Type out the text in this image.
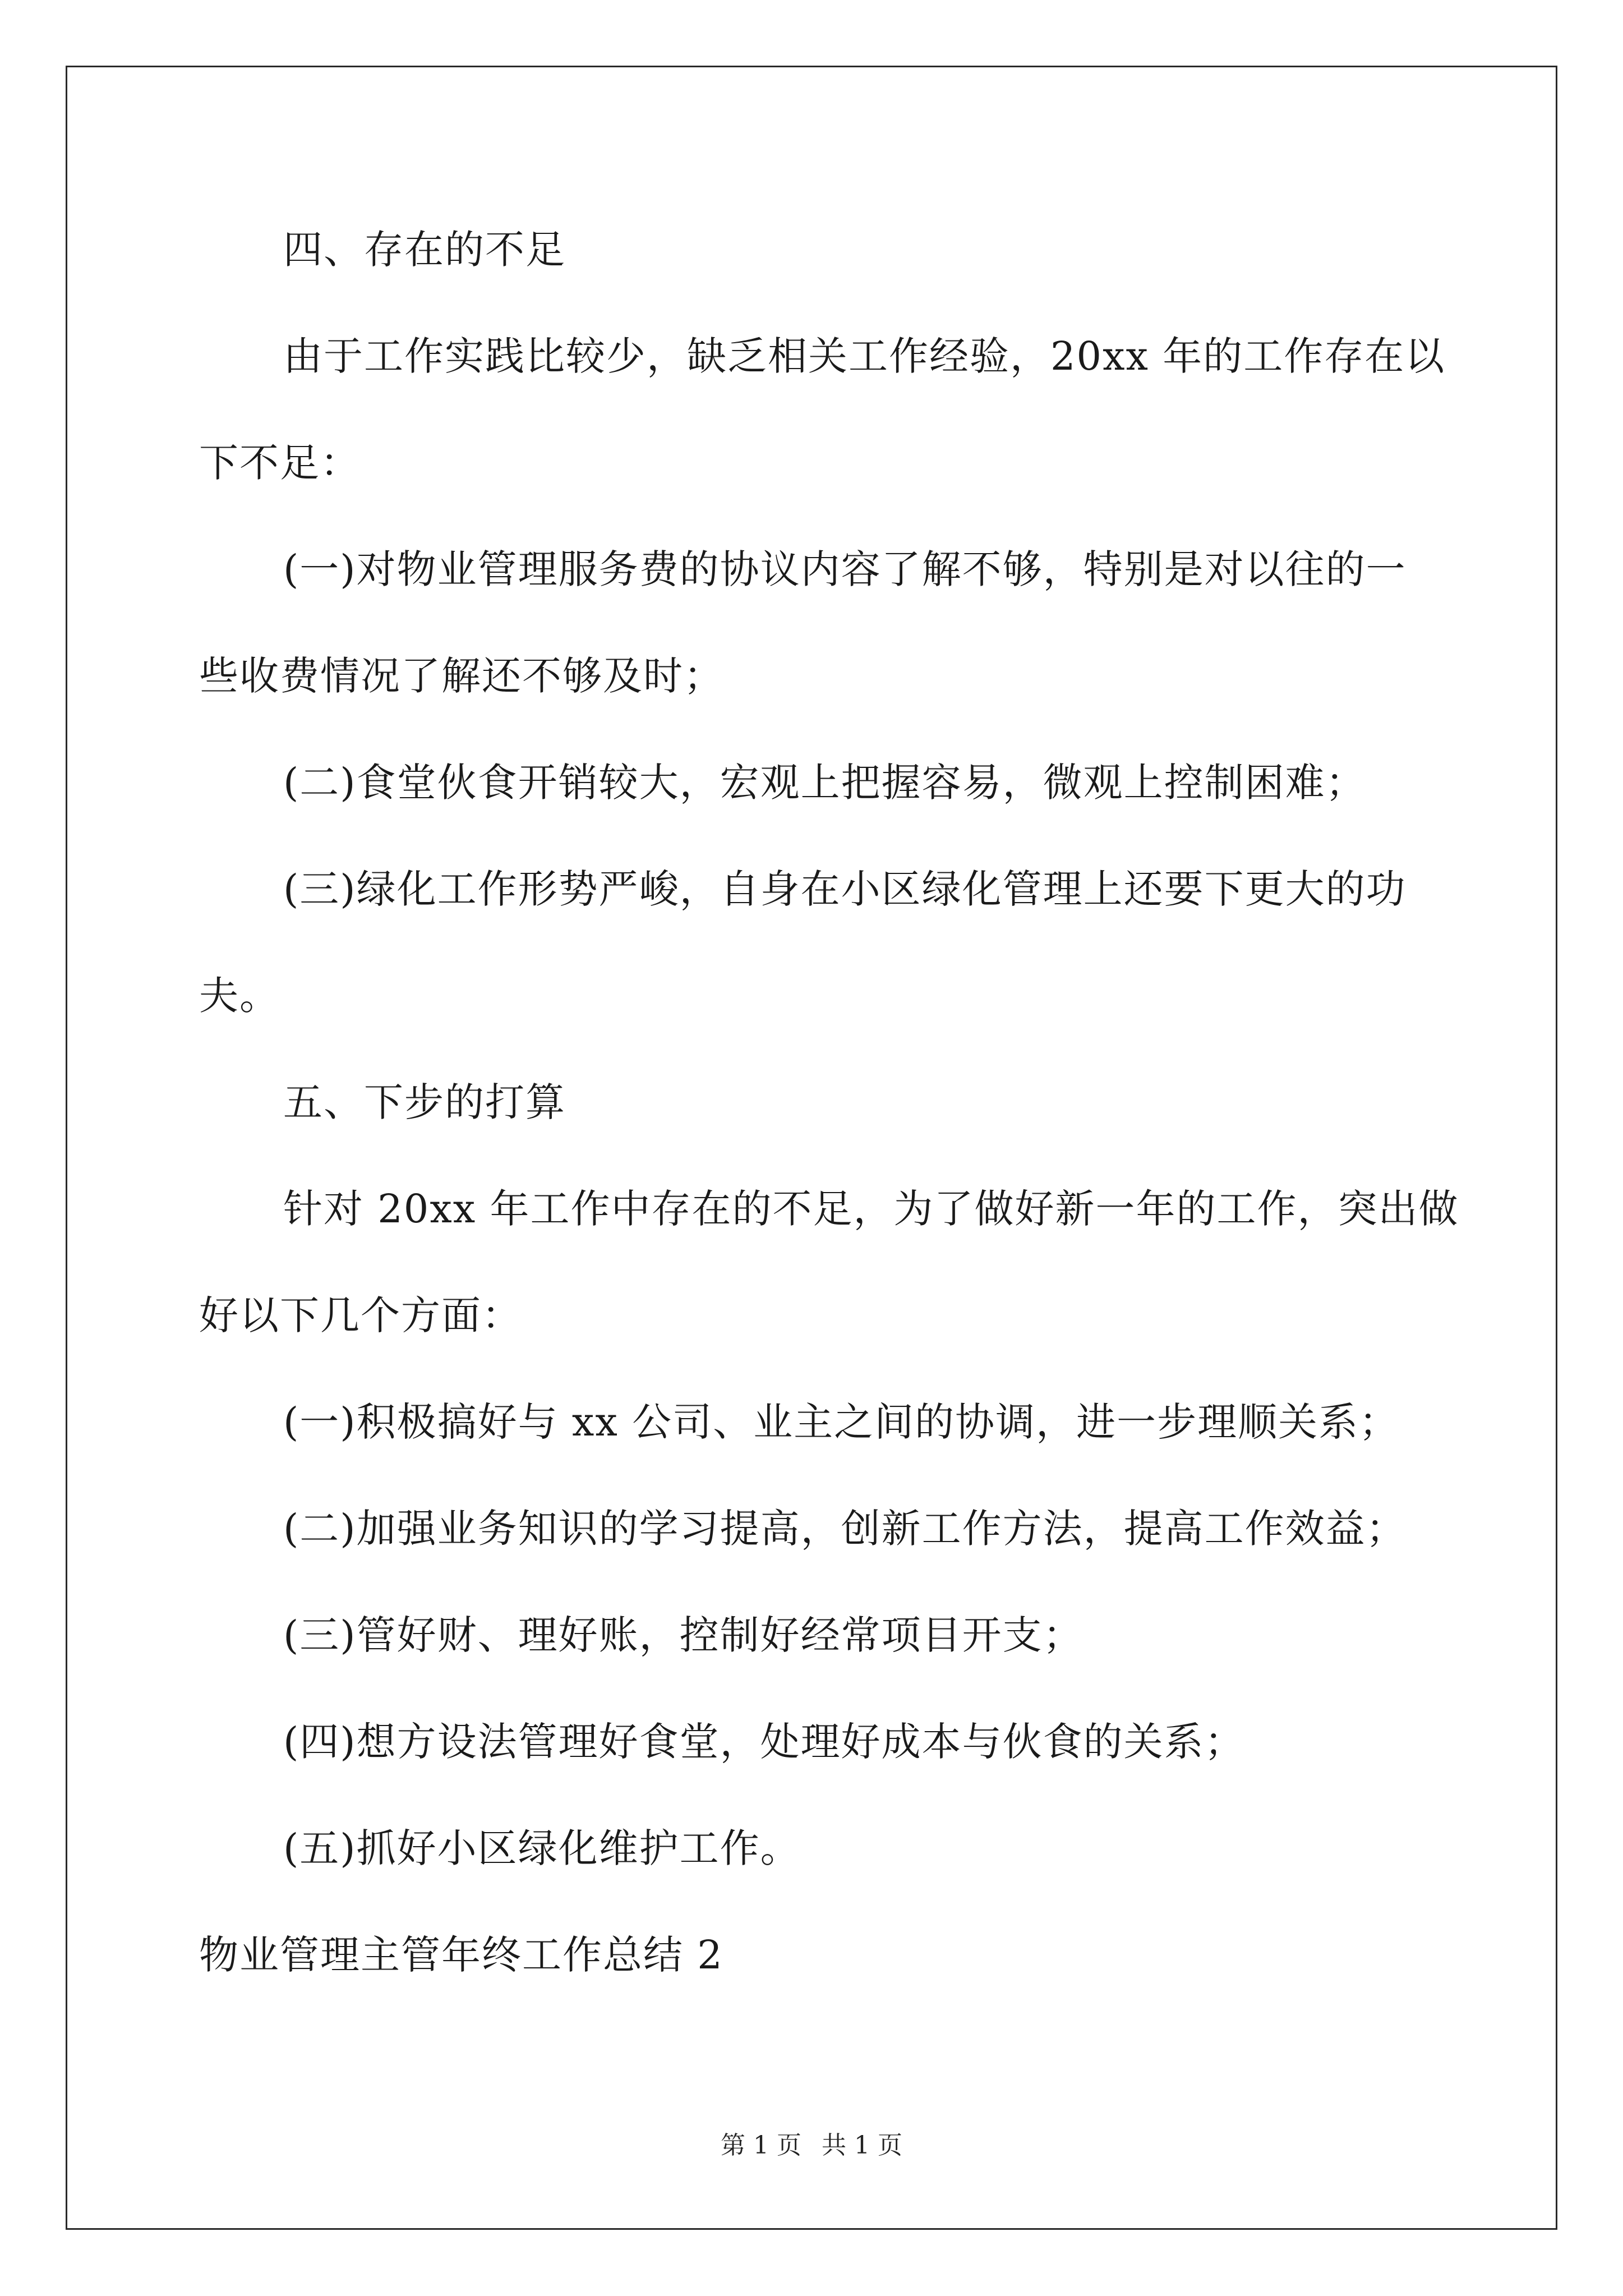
四、存在的不足
由于工作实践比较少，缺乏相关工作经验，20xx 年的工作存在以
下不足：
(一)对物业管理服务费的协议内容了解不够，特别是对以往的一
些收费情况了解还不够及时；
(二)食堂伙食开销较大，宏观上把握容易，微观上控制困难；
(三)绿化工作形势严峻，自身在小区绿化管理上还要下更大的功
夫。
五、下步的打算
针对 20xx 年工作中存在的不足，为了做好新一年的工作，突出做
好以下几个方面：
(一)积极搞好与 xx 公司、业主之间的协调，进一步理顺关系；
(二)加强业务知识的学习提高，创新工作方法，提高工作效益；
(三)管好财、理好账，控制好经常项目开支；
(四)想方设法管理好食堂，处理好成本与伙食的关系；
(五)抓好小区绿化维护工作。
物业管理主管年终工作总结 2
第 1 页 共 1 页
